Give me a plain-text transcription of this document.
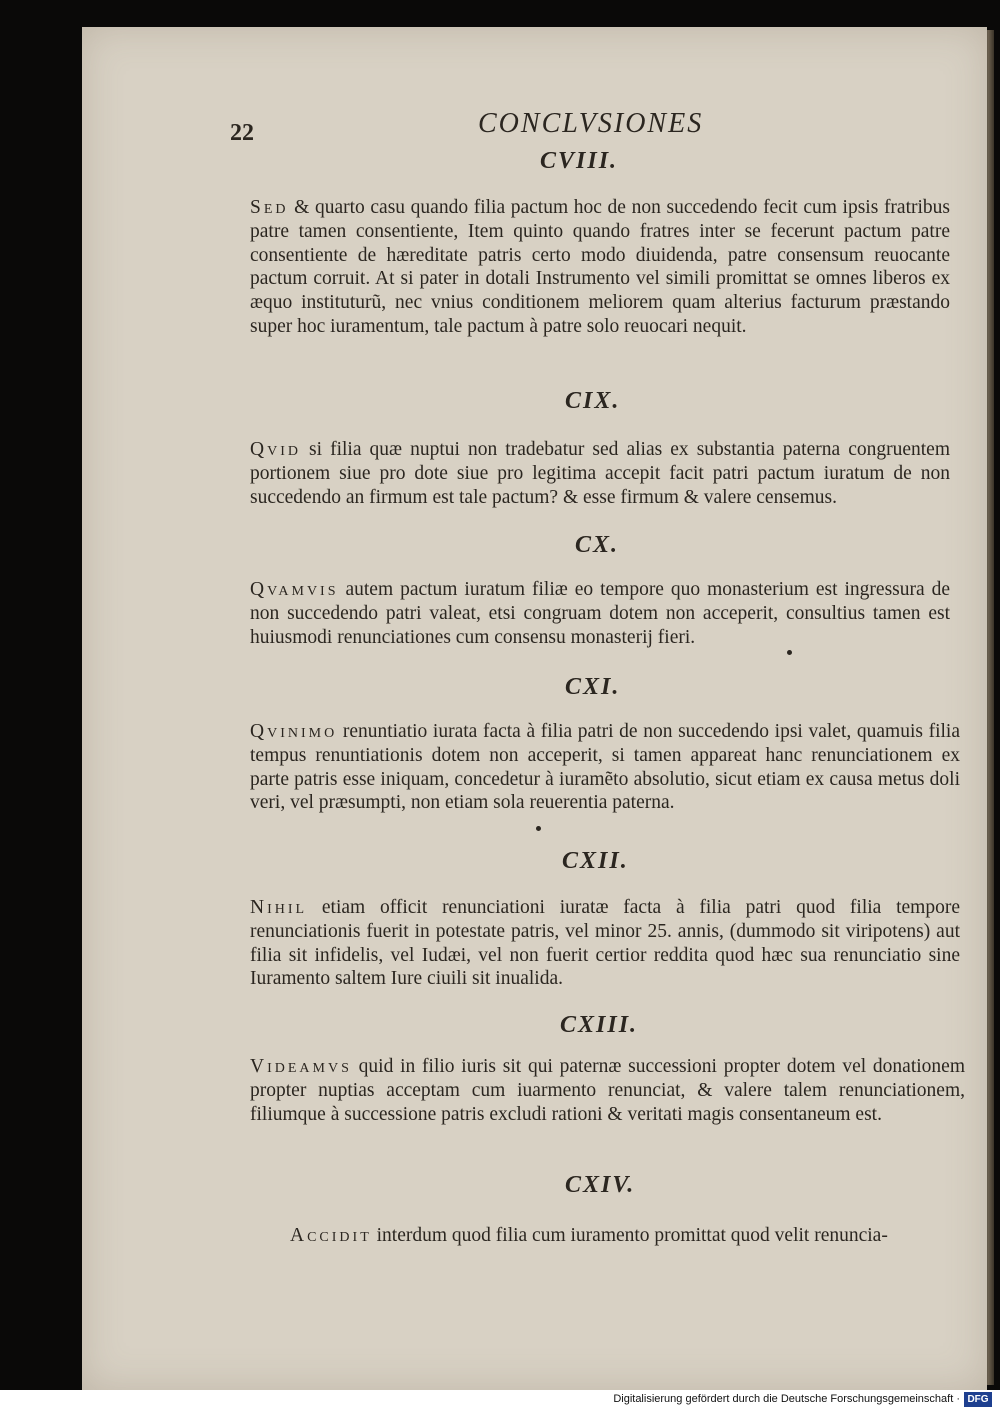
22	CONCLVSIONES
CVIII.
Sed & quarto casu quando filia pactum hoc de non succedendo fecit cum ipsis fratribus patre tamen consentiente, Item quinto quando fratres inter se fecerunt pactum patre consentiente de hæreditate patris certo modo diuidenda, patre consensum reuocante pactum corruit. At si pater in dotali Instrumento vel simili promittat se omnes liberos ex æquo instituturũ, nec vnius conditionem meliorem quam alterius facturum præstando super hoc iuramentum, tale pactum à patre solo reuocari nequit.
CIX.
Qvid si filia quæ nuptui non tradebatur sed alias ex substantia paterna congruentem portionem siue pro dote siue pro legitima accepit facit patri pactum iuratum de non succedendo an firmum est tale pactum? & esse firmum & valere censemus.
CX.
Qvamvis autem pactum iuratum filiæ eo tempore quo monasterium est ingressura de non succedendo patri valeat, etsi congruam dotem non acceperit, consultius tamen est huiusmodi renunciationes cum consensu monasterij fieri.
CXI.
Qvinimo renuntiatio iurata facta à filia patri de non succedendo ipsi valet, quamuis filia tempus renuntiationis dotem non acceperit, si tamen appareat hanc renunciationem ex parte patris esse iniquam, concedetur à iuramẽto absolutio, sicut etiam ex causa metus doli veri, vel præsumpti, non etiam sola reuerentia paterna.
CXII.
Nihil etiam officit renunciationi iuratæ facta à filia patri quod filia tempore renunciationis fuerit in potestate patris, vel minor 25. annis, (dummodo sit viripotens) aut filia sit infidelis, vel Iudæi, vel non fuerit certior reddita quod hæc sua renunciatio sine Iuramento saltem Iure ciuili sit inualida.
CXIII.
Videamvs quid in filio iuris sit qui paternæ successioni propter dotem vel donationem propter nuptias acceptam cum iuarmento renunciat, & valere talem renunciationem, filiumque à successione patris excludi rationi & veritati magis consentaneum est.
CXIV.
Accidit interdum quod filia cum iuramento promittat quod velit renuncia-
Digitalisierung gefördert durch die Deutsche Forschungsgemeinschaft · DFG
